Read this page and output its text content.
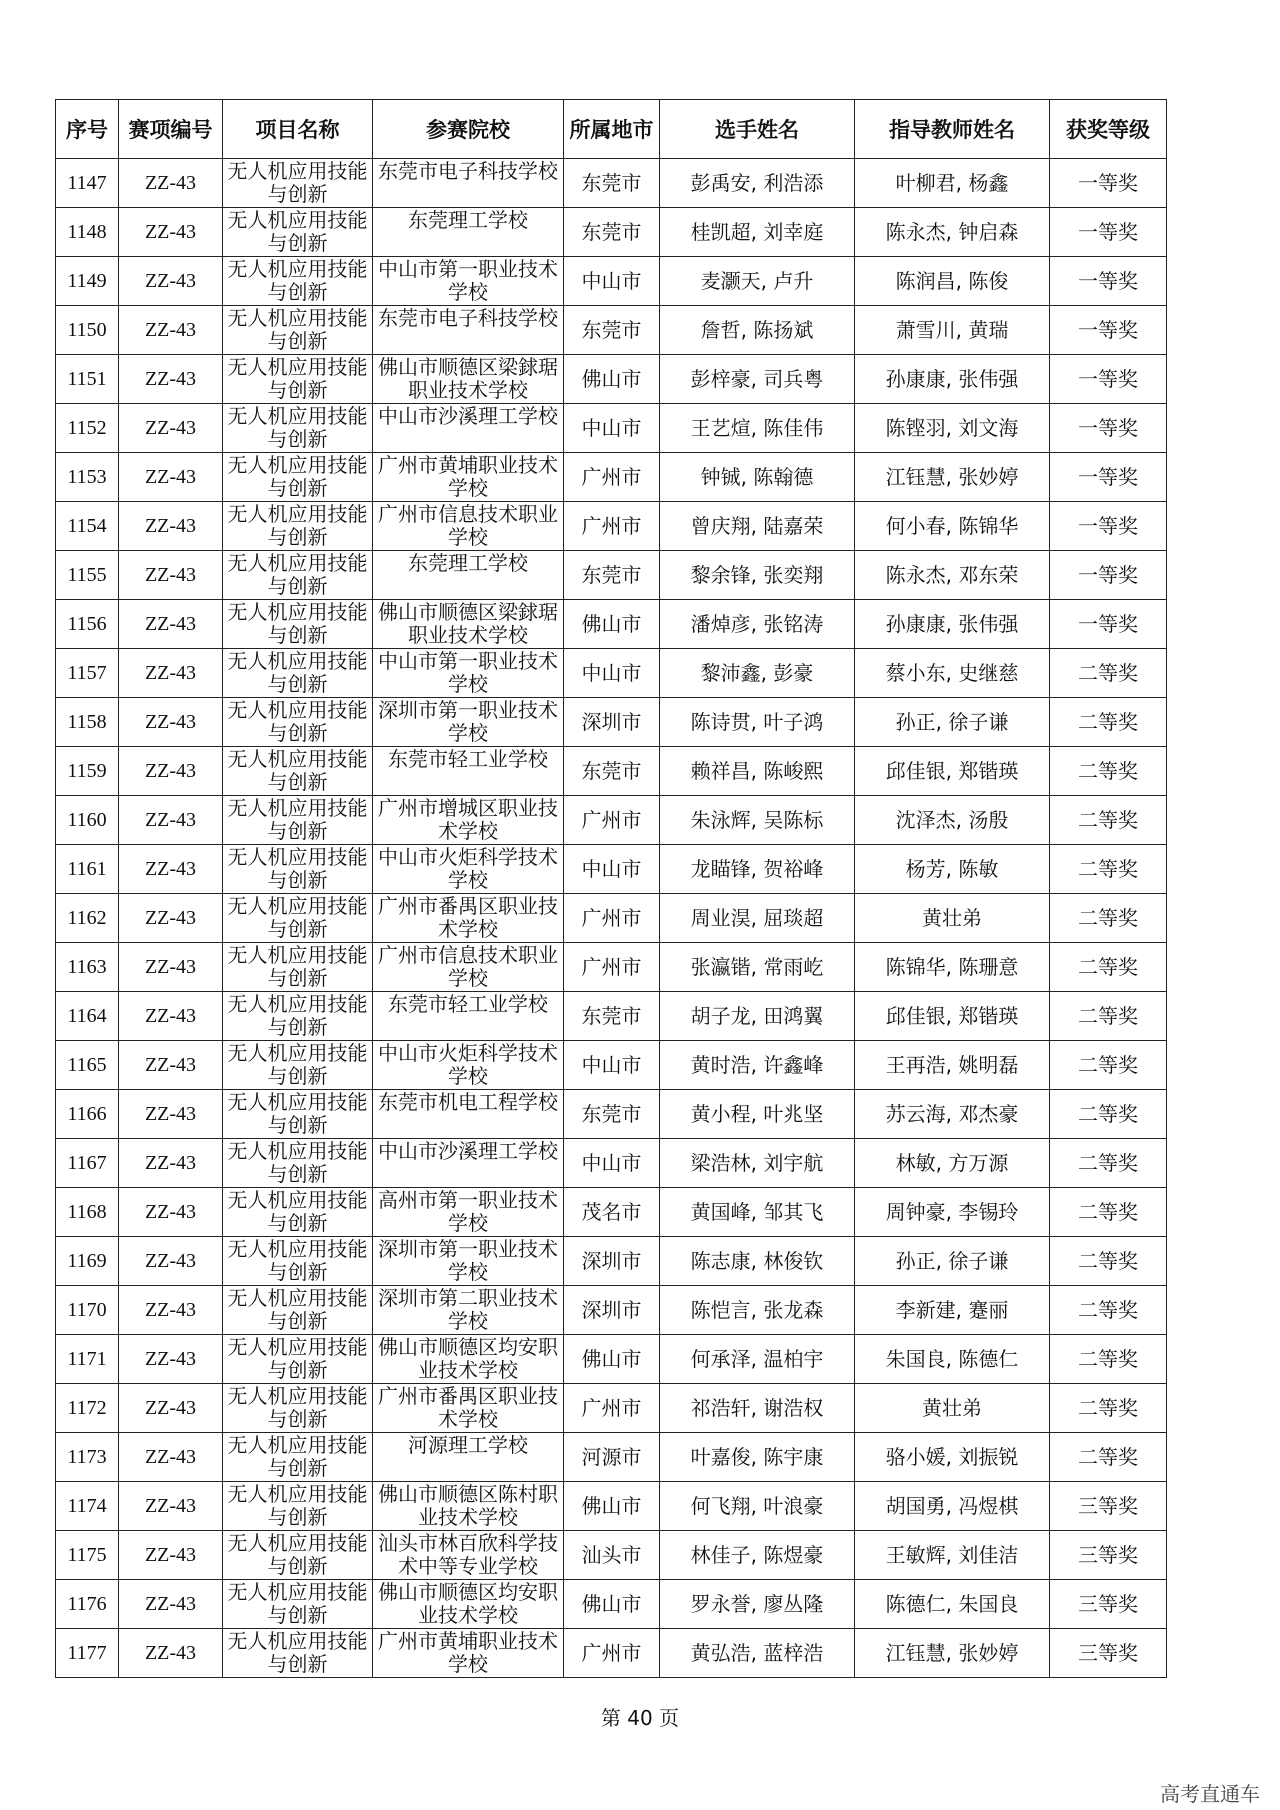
序号	赛项编号	项目名称	参赛院校	所属地市	选手姓名	指导教师姓名	获奖等级

1147	ZZ-43	无人机应用技能与创新	东莞市电子科技学校	东莞市	彭禹安, 利浩添	叶柳君, 杨鑫	一等奖

1148	ZZ-43	无人机应用技能与创新	东莞理工学校	东莞市	桂凯超, 刘幸庭	陈永杰, 钟启森	一等奖

1149	ZZ-43	无人机应用技能与创新	中山市第一职业技术学校	中山市	麦灏天, 卢升	陈润昌, 陈俊	一等奖

1150	ZZ-43	无人机应用技能与创新	东莞市电子科技学校	东莞市	詹哲, 陈扬斌	萧雪川, 黄瑞	一等奖

1151	ZZ-43	无人机应用技能与创新	佛山市顺德区梁銶琚职业技术学校	佛山市	彭梓豪, 司兵粤	孙康康, 张伟强	一等奖

1152	ZZ-43	无人机应用技能与创新	中山市沙溪理工学校	中山市	王艺煊, 陈佳伟	陈铿羽, 刘文海	一等奖

1153	ZZ-43	无人机应用技能与创新	广州市黄埔职业技术学校	广州市	钟铖, 陈翰德	江钰慧, 张妙婷	一等奖

1154	ZZ-43	无人机应用技能与创新	广州市信息技术职业学校	广州市	曾庆翔, 陆嘉荣	何小春, 陈锦华	一等奖

1155	ZZ-43	无人机应用技能与创新	东莞理工学校	东莞市	黎余锋, 张奕翔	陈永杰, 邓东荣	一等奖

1156	ZZ-43	无人机应用技能与创新	佛山市顺德区梁銶琚职业技术学校	佛山市	潘焯彦, 张铭涛	孙康康, 张伟强	一等奖

1157	ZZ-43	无人机应用技能与创新	中山市第一职业技术学校	中山市	黎沛鑫, 彭豪	蔡小东, 史继慈	二等奖

1158	ZZ-43	无人机应用技能与创新	深圳市第一职业技术学校	深圳市	陈诗贯, 叶子鸿	孙正, 徐子谦	二等奖

1159	ZZ-43	无人机应用技能与创新	东莞市轻工业学校	东莞市	赖祥昌, 陈峻熙	邱佳银, 郑锴瑛	二等奖

1160	ZZ-43	无人机应用技能与创新	广州市增城区职业技术学校	广州市	朱泳辉, 吴陈标	沈泽杰, 汤殷	二等奖

1161	ZZ-43	无人机应用技能与创新	中山市火炬科学技术学校	中山市	龙瞄锋, 贺裕峰	杨芳, 陈敏	二等奖

1162	ZZ-43	无人机应用技能与创新	广州市番禺区职业技术学校	广州市	周业淏, 屈琰超	黄壮弟	二等奖

1163	ZZ-43	无人机应用技能与创新	广州市信息技术职业学校	广州市	张瀛锴, 常雨屹	陈锦华, 陈珊意	二等奖

1164	ZZ-43	无人机应用技能与创新	东莞市轻工业学校	东莞市	胡子龙, 田鸿翼	邱佳银, 郑锴瑛	二等奖

1165	ZZ-43	无人机应用技能与创新	中山市火炬科学技术学校	中山市	黄时浩, 许鑫峰	王再浩, 姚明磊	二等奖

1166	ZZ-43	无人机应用技能与创新	东莞市机电工程学校	东莞市	黄小程, 叶兆坚	苏云海, 邓杰豪	二等奖

1167	ZZ-43	无人机应用技能与创新	中山市沙溪理工学校	中山市	梁浩林, 刘宇航	林敏, 方万源	二等奖

1168	ZZ-43	无人机应用技能与创新	高州市第一职业技术学校	茂名市	黄国峰, 邹其飞	周钟豪, 李锡玲	二等奖

1169	ZZ-43	无人机应用技能与创新	深圳市第一职业技术学校	深圳市	陈志康, 林俊钦	孙正, 徐子谦	二等奖

1170	ZZ-43	无人机应用技能与创新	深圳市第二职业技术学校	深圳市	陈恺言, 张龙森	李新建, 蹇丽	二等奖

1171	ZZ-43	无人机应用技能与创新	佛山市顺德区均安职业技术学校	佛山市	何承泽, 温柏宇	朱国良, 陈德仁	二等奖

1172	ZZ-43	无人机应用技能与创新	广州市番禺区职业技术学校	广州市	祁浩轩, 谢浩权	黄壮弟	二等奖

1173	ZZ-43	无人机应用技能与创新	河源理工学校	河源市	叶嘉俊, 陈宇康	骆小媛, 刘振锐	二等奖

1174	ZZ-43	无人机应用技能与创新	佛山市顺德区陈村职业技术学校	佛山市	何飞翔, 叶浪豪	胡国勇, 冯煜棋	三等奖

1175	ZZ-43	无人机应用技能与创新	汕头市林百欣科学技术中等专业学校	汕头市	林佳子, 陈煜豪	王敏辉, 刘佳洁	三等奖

1176	ZZ-43	无人机应用技能与创新	佛山市顺德区均安职业技术学校	佛山市	罗永誉, 廖丛隆	陈德仁, 朱国良	三等奖

1177	ZZ-43	无人机应用技能与创新	广州市黄埔职业技术学校	广州市	黄弘浩, 蓝梓浩	江钰慧, 张妙婷	三等奖
第 40 页
高考直通车
